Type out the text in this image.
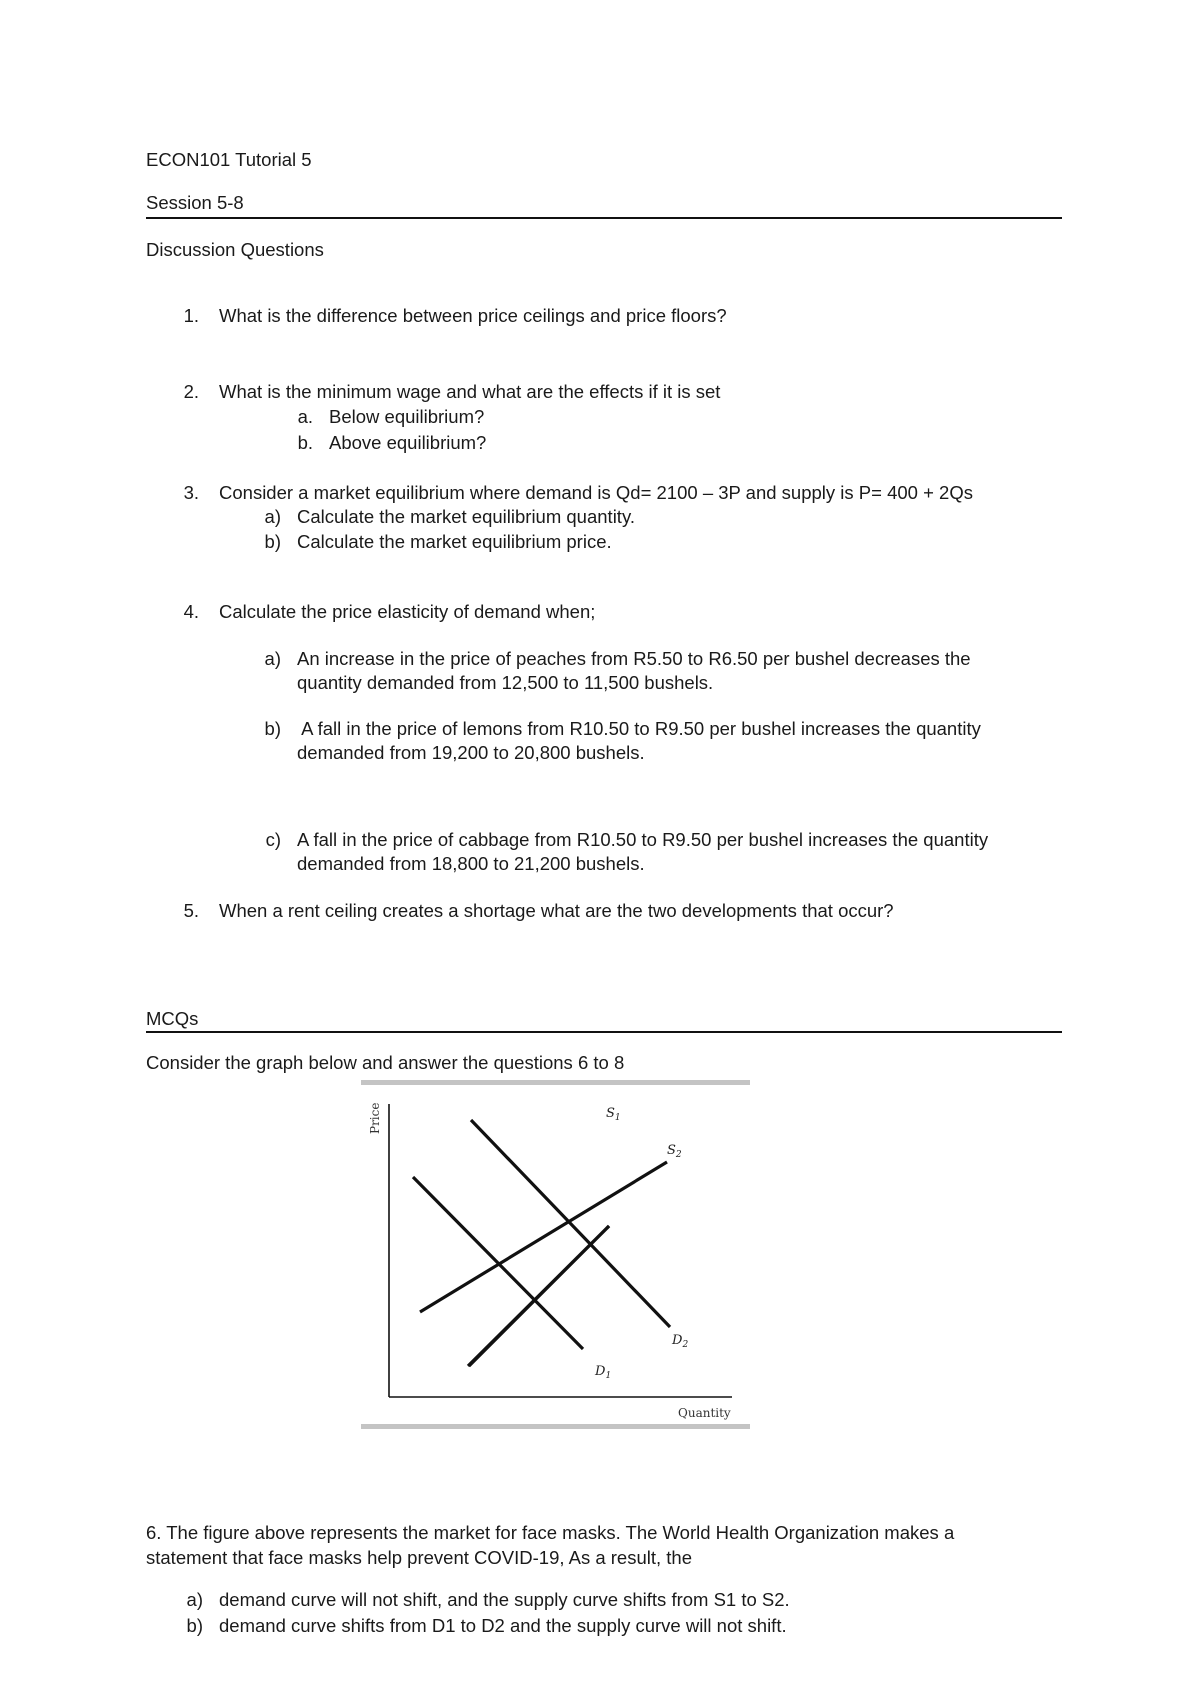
ECON101 Tutorial 5
Session 5-8
Discussion Questions
1. What is the difference between price ceilings and price floors?
2. What is the minimum wage and what are the effects if it is set
a. Below equilibrium?
b. Above equilibrium?
3. Consider a market equilibrium where demand is Qd= 2100 – 3P and supply is P= 400 + 2Qs
a) Calculate the market equilibrium quantity.
b) Calculate the market equilibrium price.
4. Calculate the price elasticity of demand when;
a) An increase in the price of peaches from R5.50 to R6.50 per bushel decreases the
quantity demanded from 12,500 to 11,500 bushels.
b) A fall in the price of lemons from R10.50 to R9.50 per bushel increases the quantity
demanded from 19,200 to 20,800 bushels.
c) A fall in the price of cabbage from R10.50 to R9.50 per bushel increases the quantity
demanded from 18,800 to 21,200 bushels.
5. When a rent ceiling creates a shortage what are the two developments that occur?
MCQs
Consider the graph below and answer the questions 6 to 8
Price
Quantity
$S_1$
$S_2$
$D_1$
$D_2$
6. The figure above represents the market for face masks. The World Health Organization makes a
statement that face masks help prevent COVID-19, As a result, the
a) demand curve will not shift, and the supply curve shifts from S1 to S2.
b) demand curve shifts from D1 to D2 and the supply curve will not shift.
